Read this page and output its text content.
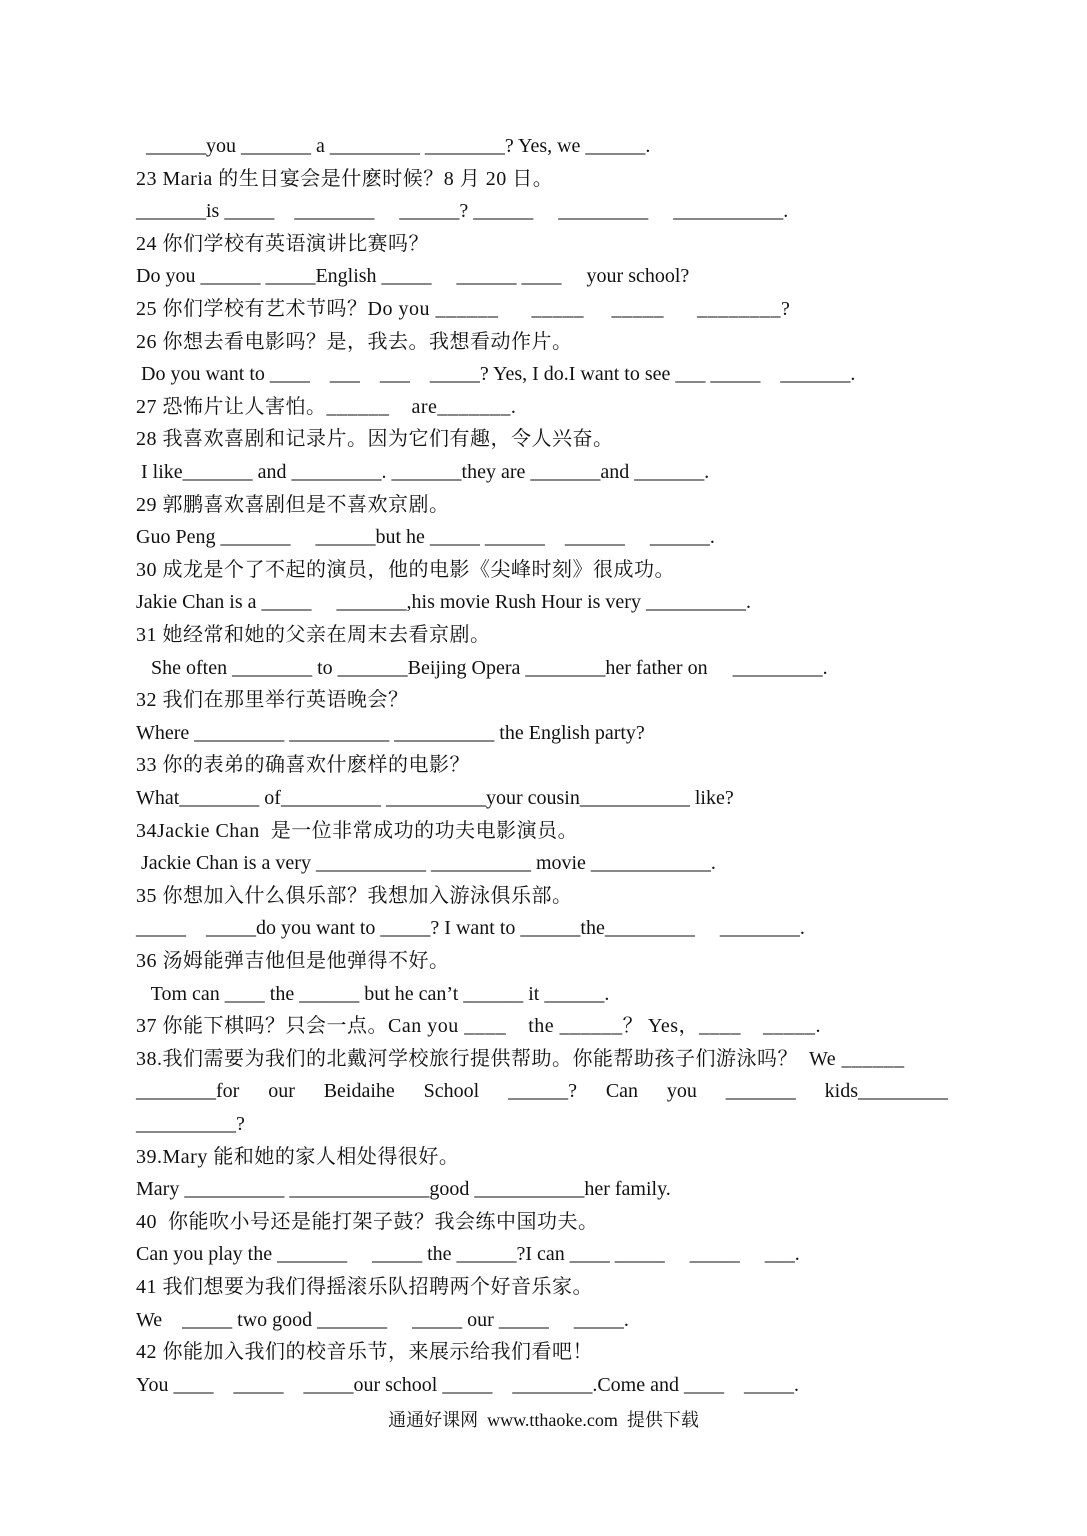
______you _______ a _________ ________? Yes, we ______.
23 Maria 的生日宴会是什麽时候？8 月 20 日。
_______is _____    ________     ______? ______     _________     ___________.
24 你们学校有英语演讲比赛吗？
Do you ______ _____English _____     ______ ____     your school?
25 你们学校有艺术节吗？Do you ______      _____     _____      ________?
26 你想去看电影吗？是，我去。我想看动作片。
Do you want to ____    ___    ___    _____? Yes, I do.I want to see ___ _____    _______.
27 恐怖片让人害怕。______    are_______.
28 我喜欢喜剧和记录片。因为它们有趣，令人兴奋。
I like_______ and _________. _______they are _______and _______.
29 郭鹏喜欢喜剧但是不喜欢京剧。
Guo Peng _______     ______but he _____ ______    ______     ______.
30 成龙是个了不起的演员，他的电影《尖峰时刻》很成功。
Jakie Chan is a _____     _______,his movie Rush Hour is very __________.
31 她经常和她的父亲在周末去看京剧。
She often ________ to _______Beijing Opera ________her father on     _________.
32 我们在那里举行英语晚会？
Where _________ __________ __________ the English party?
33 你的表弟的确喜欢什麽样的电影？
What________ of__________ __________your cousin___________ like?
34Jackie Chan  是一位非常成功的功夫电影演员。
Jackie Chan is a very ___________ __________ movie ____________.
35 你想加入什么俱乐部？我想加入游泳俱乐部。
_____    _____do you want to _____? I want to ______the_________     ________.
36 汤姆能弹吉他但是他弹得不好。
Tom can ____ the ______ but he can’t ______ it ______.
37 你能下棋吗？只会一点。Can you ____    the ______？ Yes，____    _____.
38.我们需要为我们的北戴河学校旅行提供帮助。你能帮助孩子们游泳吗？  We ______
________for our Beidaihe School ______? Can you _______ kids_________
__________?
39.Mary 能和她的家人相处得很好。
Mary __________ ______________good ___________her family.
40  你能吹小号还是能打架子鼓？我会练中国功夫。
Can you play the _______     _____ the ______?I can ____ _____     _____     ___.
41 我们想要为我们得摇滚乐队招聘两个好音乐家。
We    _____ two good _______     _____ our _____     _____.
42 你能加入我们的校音乐节，来展示给我们看吧！
You ____    _____    _____our school _____    ________.Come and ____    _____.
通通好课网  www.tthaoke.com  提供下载
